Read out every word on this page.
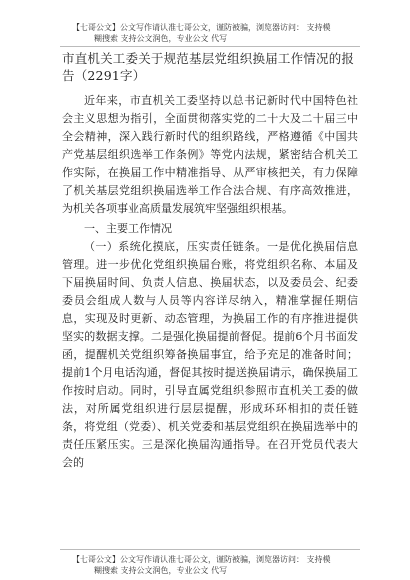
【七哥公文】公文写作请认准七哥公文，谨防被骗，浏览器访问： 支持模
糊搜索 支持公文润色，专业公文 代写
市直机关工委关于规范基层党组织换届工作情况的报告（2291字）

近年来，市直机关工委坚持以总书记新时代中国特色社会主义思想为指引，全面贯彻落实党的二十大及二十届三中全会精神，深入践行新时代的组织路线，严格遵循《中国共产党基层组织选举工作条例》等党内法规，紧密结合机关工作实际，在换届工作中精准指导、从严审核把关，有力保障了机关基层党组织换届选举工作合法合规、有序高效推进，为机关各项事业高质量发展筑牢坚强组织根基。

一、主要工作情况

（一）系统化摸底，压实责任链条。一是优化换届信息管理。进一步优化党组织换届台账，将党组织名称、本届及下届换届时间、负责人信息、换届状态，以及委员会、纪委委员会组成人数与人员等内容详尽纳入，精准掌握任期信息，实现及时更新、动态管理，为换届工作的有序推进提供坚实的数据支撑。二是强化换届提前督促。提前6个月书面发函，提醒机关党组织筹备换届事宜，给予充足的准备时间；提前1个月电话沟通，督促其按时提送换届请示，确保换届工作按时启动。同时，引导直属党组织参照市直机关工委的做法，对所属党组织进行层层提醒，形成环环相扣的责任链条，将党组（党委）、机关党委和基层党组织在换届选举中的责任压紧压实。三是深化换届沟通指导。在召开党员代表大会的

【七哥公文】公文写作请认准七哥公文，谨防被骗，浏览器访问： 支持模
糊搜索 支持公文润色，专业公文 代写
